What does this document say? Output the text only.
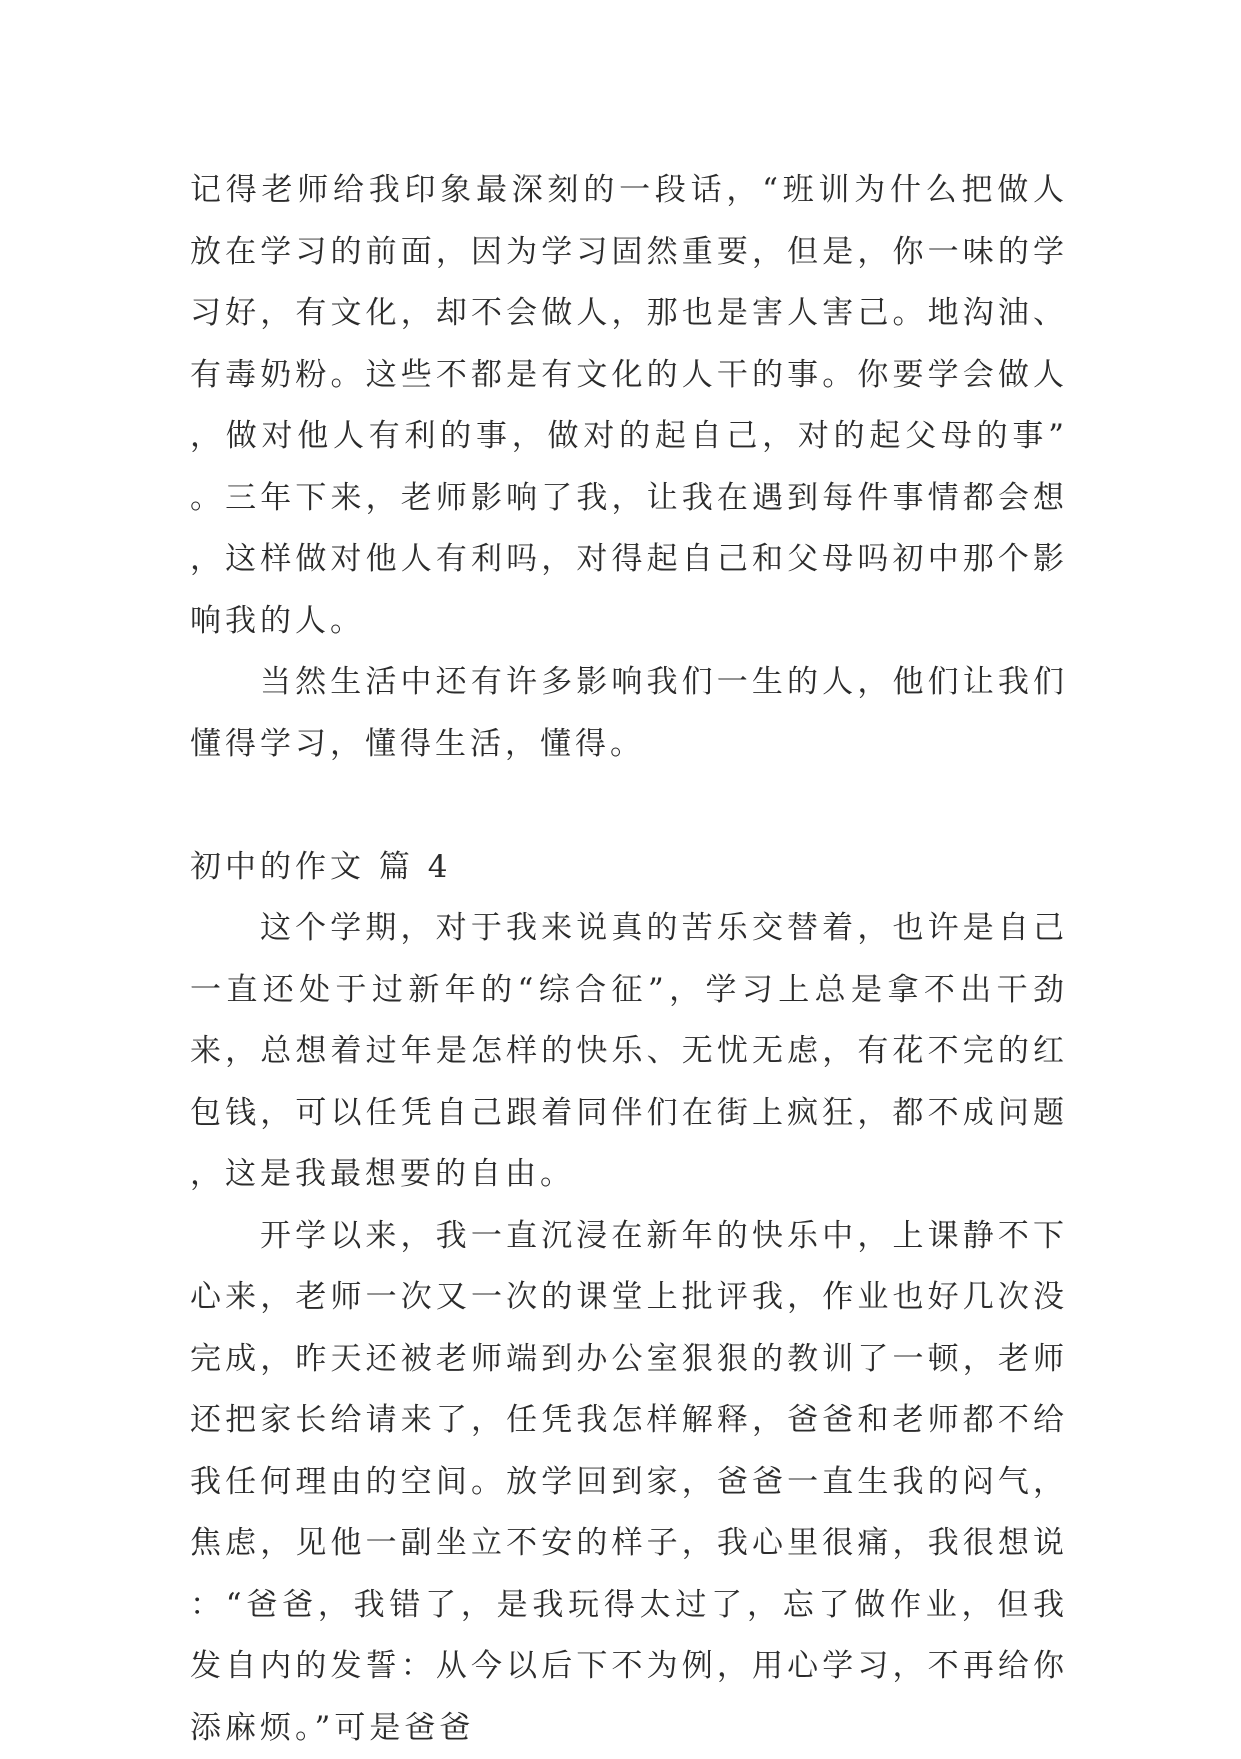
记得老师给我印象最深刻的一段话，“班训为什么把做人放在学习的前面，因为学习固然重要，但是，你一味的学习好，有文化，却不会做人，那也是害人害己。地沟油、有毒奶粉。这些不都是有文化的人干的事。你要学会做人，做对他人有利的事，做对的起自己，对的起父母的事”。三年下来，老师影响了我，让我在遇到每件事情都会想，这样做对他人有利吗，对得起自己和父母吗初中那个影响我的人。

当然生活中还有许多影响我们一生的人，他们让我们懂得学习，懂得生活，懂得。

初中的作文 篇 4

这个学期，对于我来说真的苦乐交替着，也许是自己一直还处于过新年的“综合征”，学习上总是拿不出干劲来，总想着过年是怎样的快乐、无忧无虑，有花不完的红包钱，可以任凭自己跟着同伴们在街上疯狂，都不成问题，这是我最想要的自由。

开学以来，我一直沉浸在新年的快乐中，上课静不下心来，老师一次又一次的课堂上批评我，作业也好几次没完成，昨天还被老师端到办公室狠狠的教训了一顿，老师还把家长给请来了，任凭我怎样解释，爸爸和老师都不给我任何理由的空间。放学回到家，爸爸一直生我的闷气，焦虑，见他一副坐立不安的样子，我心里很痛，我很想说：“爸爸，我错了，是我玩得太过了，忘了做作业，但我发自内的发誓：从今以后下不为例，用心学习，不再给你添麻烦。”可是爸爸
